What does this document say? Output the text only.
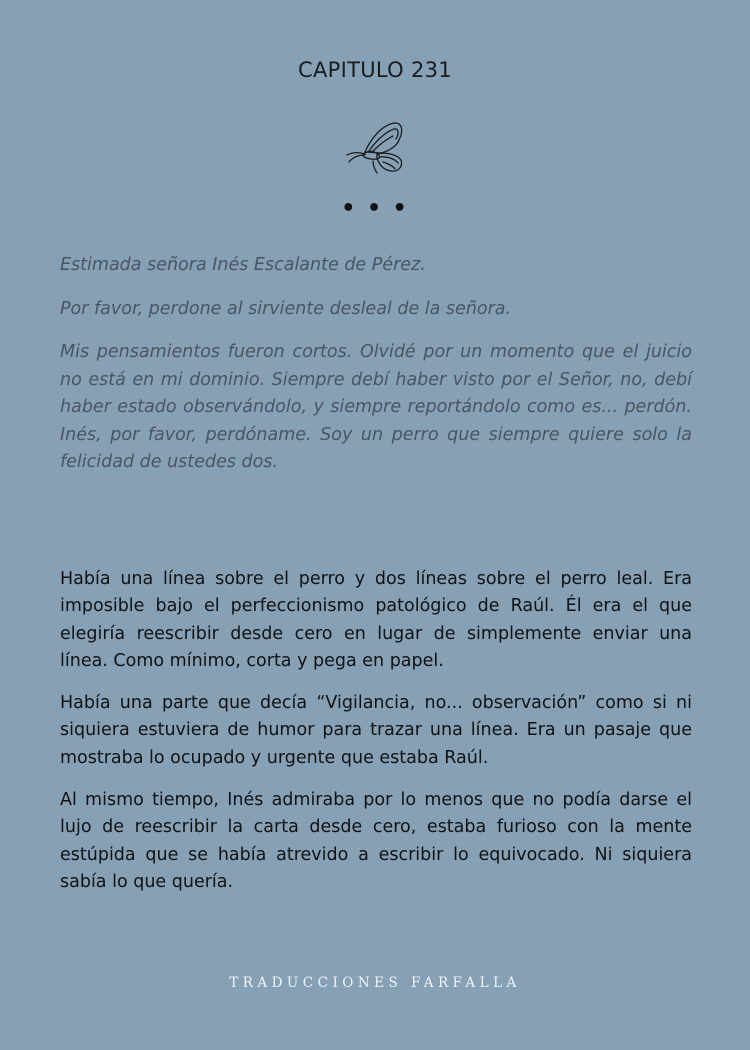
CAPITULO 231
• • •

Estimada señora Inés Escalante de Pérez.

Por favor, perdone al sirviente desleal de la señora.

Mis pensamientos fueron cortos. Olvidé por un momento que el juicio no está en mi dominio. Siempre debí haber visto por el Señor, no, debí haber estado observándolo, y siempre reportándolo como es... perdón. Inés, por favor, perdóname. Soy un perro que siempre quiere solo la felicidad de ustedes dos.

Había una línea sobre el perro y dos líneas sobre el perro leal. Era imposible bajo el perfeccionismo patológico de Raúl. Él era el que elegiría reescribir desde cero en lugar de simplemente enviar una línea. Como mínimo, corta y pega en papel.

Había una parte que decía “Vigilancia, no... observación” como si ni siquiera estuviera de humor para trazar una línea. Era un pasaje que mostraba lo ocupado y urgente que estaba Raúl.

Al mismo tiempo, Inés admiraba por lo menos que no podía darse el lujo de reescribir la carta desde cero, estaba furioso con la mente estúpida que se había atrevido a escribir lo equivocado. Ni siquiera sabía lo que quería.

TRADUCCIONES FARFALLA
